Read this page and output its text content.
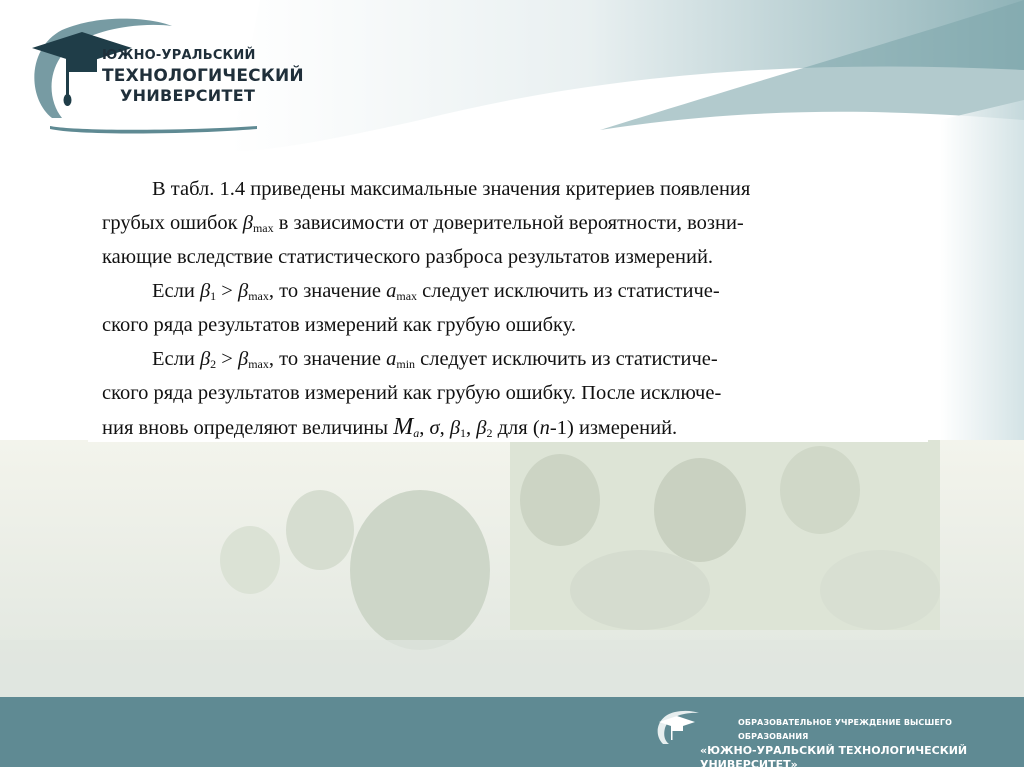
ЮЖНО-УРАЛЬСКИЙ
ТЕХНОЛОГИЧЕСКИЙ
УНИВЕРСИТЕТ
В табл. 1.4 приведены максимальные значения критериев появления
грубых ошибок $\beta_{max}$ в зависимости от доверительной вероятности, возни-
кающие вследствие статистического разброса результатов измерений.
Если $\beta_1 > \beta_{max}$, то значение $a_{max}$ следует исключить из статистиче-
ского ряда результатов измерений как грубую ошибку.
Если $\beta_2 > \beta_{max}$, то значение $a_{min}$ следует исключить из статистиче-
ского ряда результатов измерений как грубую ошибку. После исключе-
ния вновь определяют величины $M_a$, σ, $\beta_1$, $\beta_2$ для (n-1) измерений.
ОБРАЗОВАТЕЛЬНОЕ УЧРЕЖДЕНИЕ ВЫСШЕГО ОБРАЗОВАНИЯ
«ЮЖНО-УРАЛЬСКИЙ ТЕХНОЛОГИЧЕСКИЙ УНИВЕРСИТЕТ»
